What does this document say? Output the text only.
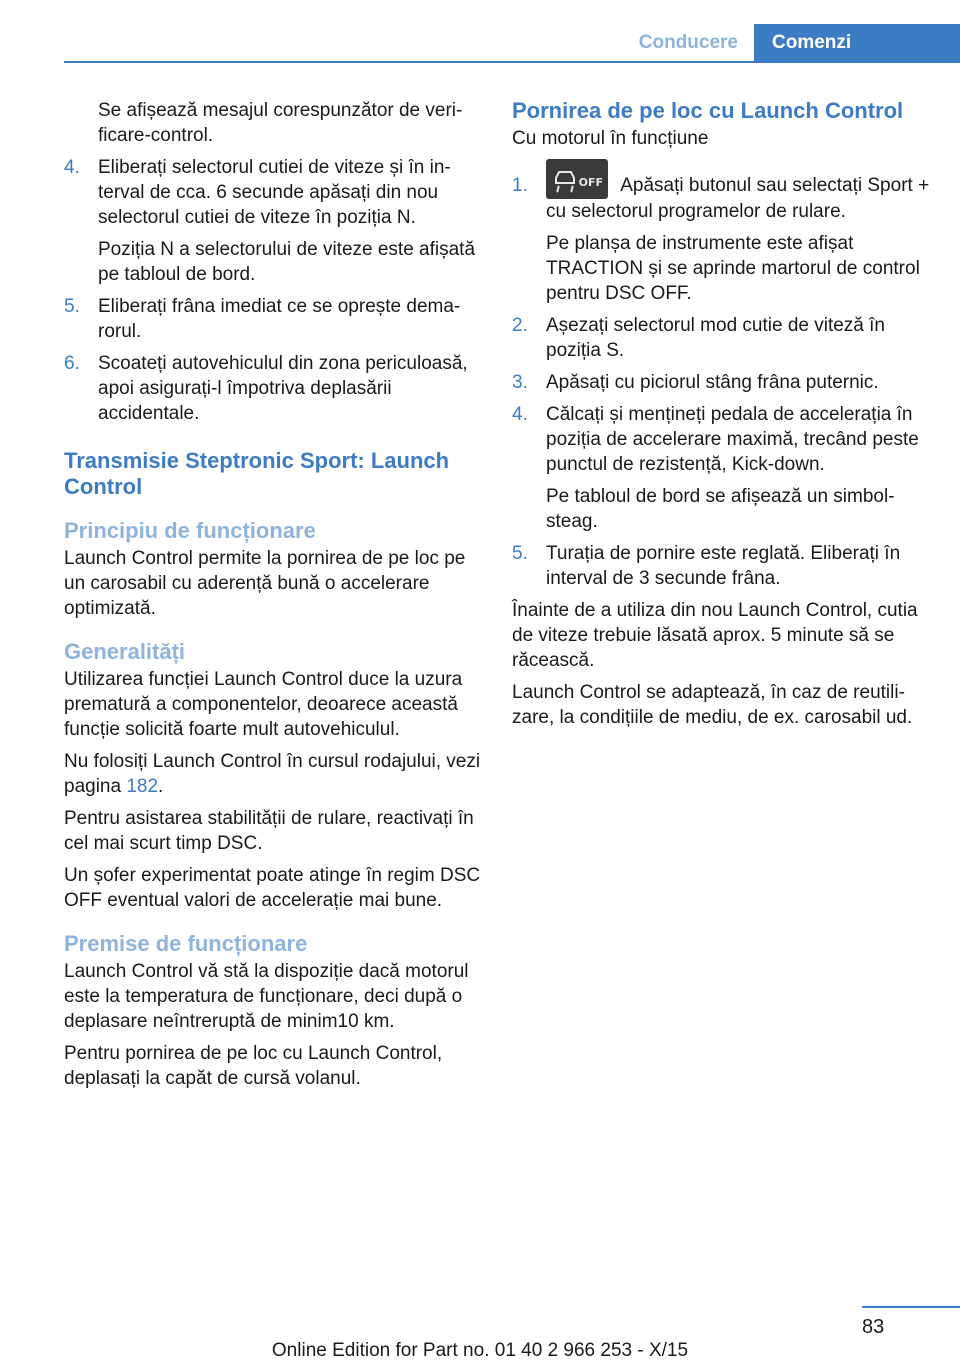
Conducere	Comenzi

Se afișează mesajul corespunzător de verificare-control.

4. Eliberați selectorul cutiei de viteze și în interval de cca. 6 secunde apăsați din nou selectorul cutiei de viteze în poziția N.

Poziția N a selectorului de viteze este afișată pe tabloul de bord.

5. Eliberați frâna imediat ce se oprește demarorul.

6. Scoateți autovehiculul din zona periculoasă, apoi asigurați-l împotriva deplasării accidentale.

Transmisie Steptronic Sport: Launch Control
Principiu de funcționare

Launch Control permite la pornirea de pe loc pe un carosabil cu aderență bună o accelerare optimizată.

Generalități

Utilizarea funcției Launch Control duce la uzura prematură a componentelor, deoarece această funcție solicită foarte mult autovehiculul.

Nu folosiți Launch Control în cursul rodajului, vezi pagina 182.

Pentru asistarea stabilității de rulare, reactivați în cel mai scurt timp DSC.

Un șofer experimentat poate atinge în regim DSC OFF eventual valori de accelerație mai bune.

Premise de funcționare

Launch Control vă stă la dispoziție dacă motorul este la temperatura de funcționare, deci după o deplasare neîntreruptă de minim10 km.

Pentru pornirea de pe loc cu Launch Control, deplasați la capăt de cursă volanul.

Pornirea de pe loc cu Launch Control

Cu motorul în funcțiune

1.	OFF Apăsați butonul sau selectați Sport + cu selectorul programelor de rulare.

Pe planșa de instrumente este afișat TRACTION și se aprinde martorul de control pentru DSC OFF.

2. Așezați selectorul mod cutie de viteză în poziția S.

3. Apăsați cu piciorul stâng frâna puternic.

4. Călcați și mențineți pedala de accelerația în poziția de accelerare maximă, trecând peste punctul de rezistență, Kick-down.

Pe tabloul de bord se afișează un simbol-steag.

5. Turația de pornire este reglată. Eliberați în interval de 3 secunde frâna.

Înainte de a utiliza din nou Launch Control, cutia de viteze trebuie lăsată aprox. 5 minute să se răcească.

Launch Control se adaptează, în caz de reutilizare, la condițiile de mediu, de ex. carosabil ud.

83
Online Edition for Part no. 01 40 2 966 253 - X/15
